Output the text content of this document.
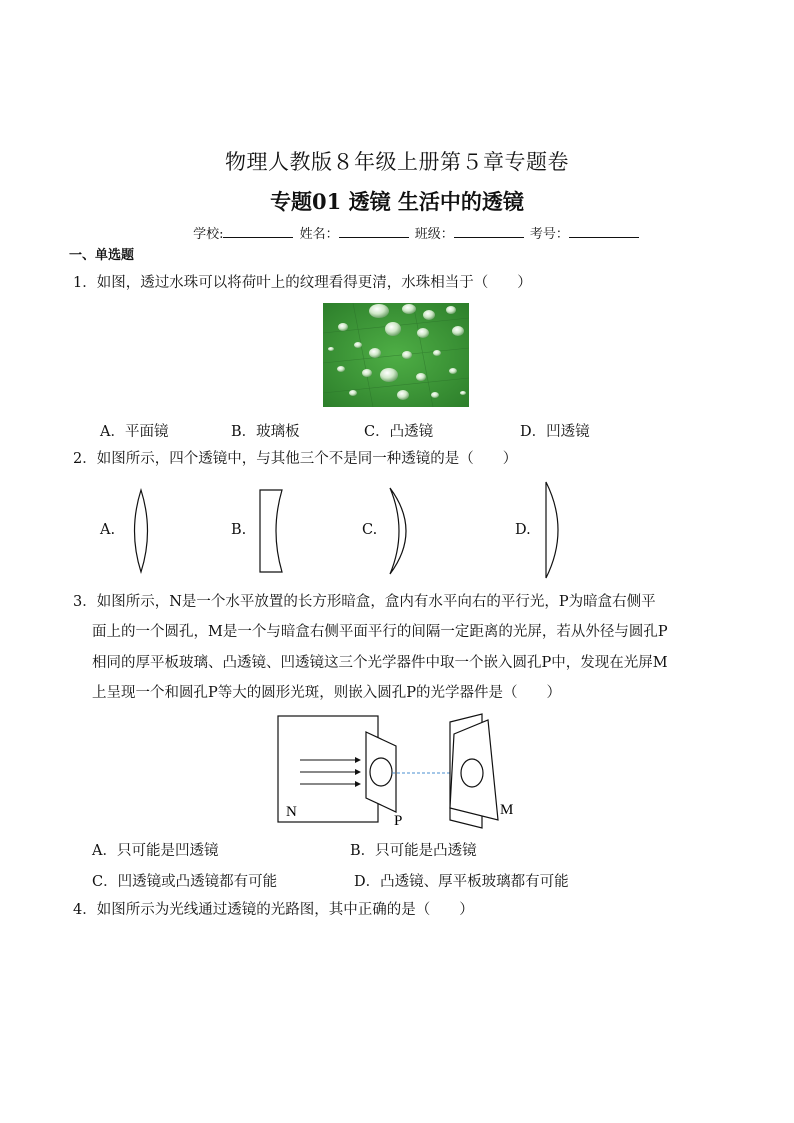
物理人教版８年级上册第５章专题卷
专题01 透镜 生活中的透镜
学校:	姓名：	班级：	考号：
一、单选题
1．如图，透过水珠可以将荷叶上的纹理看得更清，水珠相当于（　　）
A．平面镜	B．玻璃板	C．凸透镜	D．凹透镜
2．如图所示，四个透镜中，与其他三个不是同一种透镜的是（　　）
A.	B.	C.	D.
3．如图所示，N是一个水平放置的长方形暗盒，盒内有水平向右的平行光，P为暗盒右侧平
面上的一个圆孔，M是一个与暗盒右侧平面平行的间隔一定距离的光屏，若从外径与圆孔P
相同的厚平板玻璃、凸透镜、凹透镜这三个光学器件中取一个嵌入圆孔P中，发现在光屏M
上呈现一个和圆孔P等大的圆形光斑，则嵌入圆孔P的光学器件是（　　）
N
P
M
A．只可能是凹透镜	B．只可能是凸透镜
C．凹透镜或凸透镜都有可能	D．凸透镜、厚平板玻璃都有可能
4．如图所示为光线通过透镜的光路图，其中正确的是（　　）
